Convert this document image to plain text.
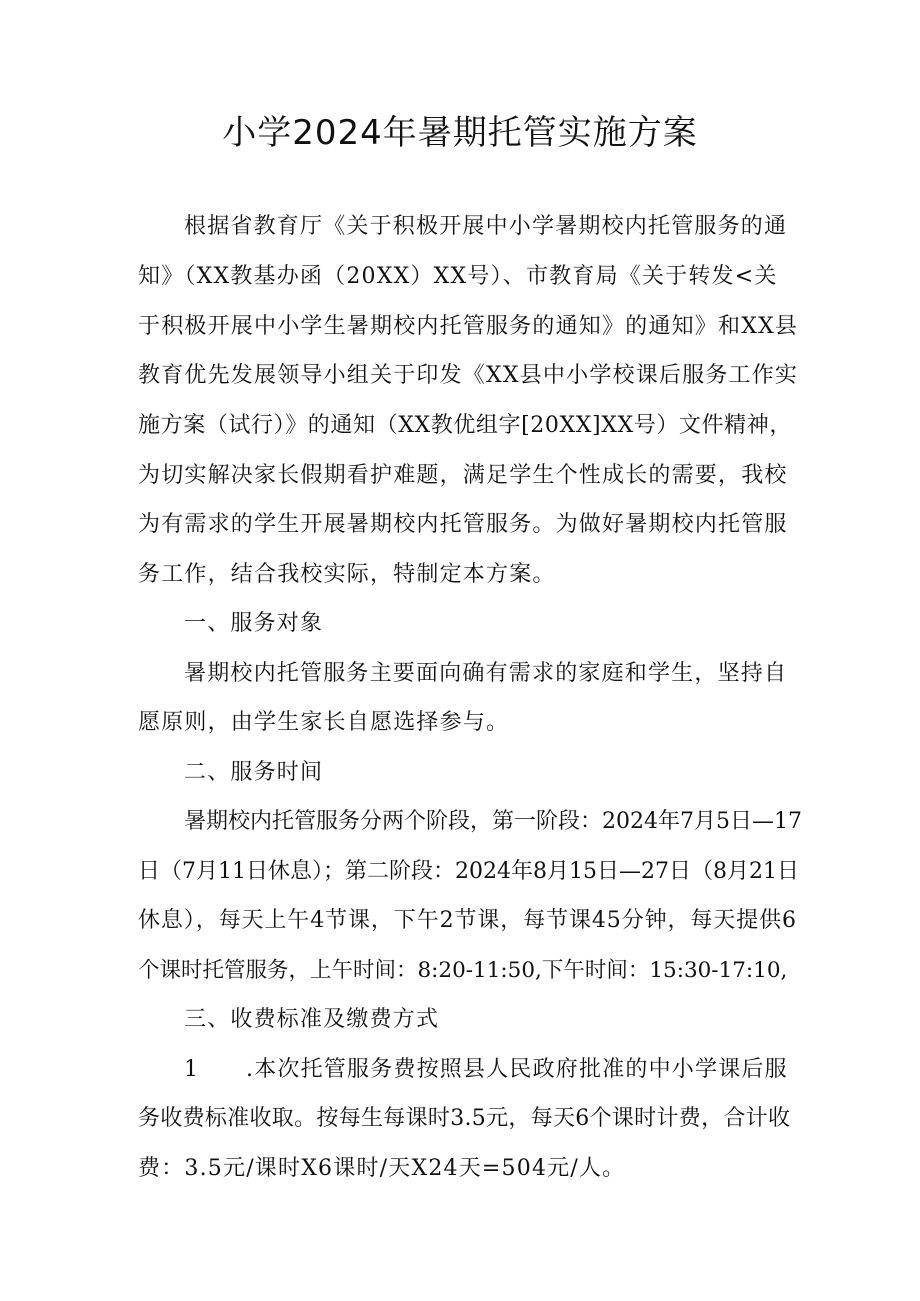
小学2024年暑期托管实施方案
根据省教育厅《关于积极开展中小学暑期校内托管服务的通
知》（XX教基办函（20XX）XX号）、市教育局《关于转发<关
于积极开展中小学生暑期校内托管服务的通知》的通知》和XX县
教育优先发展领导小组关于印发《XX县中小学校课后服务工作实
施方案（试行）》的通知（XX教优组字[20XX]XX号）文件精神，
为切实解决家长假期看护难题，满足学生个性成长的需要，我校
为有需求的学生开展暑期校内托管服务。为做好暑期校内托管服
务工作，结合我校实际，特制定本方案。
一、服务对象
暑期校内托管服务主要面向确有需求的家庭和学生，坚持自
愿原则，由学生家长自愿选择参与。
二、服务时间
暑期校内托管服务分两个阶段，第一阶段：2024年7月5日—17
日（7月11日休息）；第二阶段：2024年8月15日—27日（8月21日
休息），每天上午4节课，下午2节课，每节课45分钟，每天提供6
个课时托管服务，上午时间：8:20-11:50,下午时间：15:30-17:10,
三、收费标准及缴费方式
1	.本次托管服务费按照县人民政府批准的中小学课后服
务收费标准收取。按每生每课时3.5元，每天6个课时计费，合计收
费：3.5元/课时X6课时/天X24天=504元/人。
